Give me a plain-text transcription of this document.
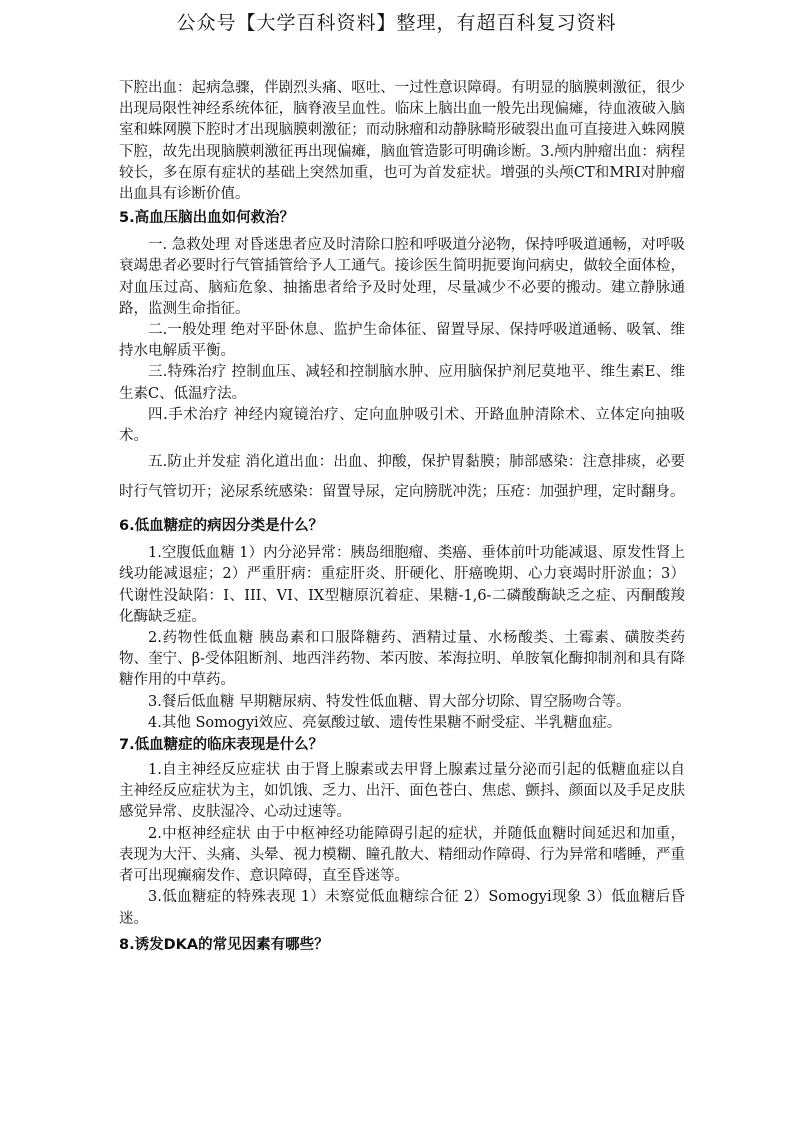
公众号【大学百科资料】整理，有超百科复习资料

下腔出血：起病急骤，伴剧烈头痛、呕吐、一过性意识障碍。有明显的脑膜刺激征，很少出现局限性神经系统体征，脑脊液呈血性。临床上脑出血一般先出现偏瘫，待血液破入脑室和蛛网膜下腔时才出现脑膜刺激征；而动脉瘤和动静脉畸形破裂出血可直接进入蛛网膜下腔，故先出现脑膜刺激征再出现偏瘫，脑血管造影可明确诊断。3.颅内肿瘤出血：病程较长，多在原有症状的基础上突然加重，也可为首发症状。增强的头颅CT和MRI对肿瘤出血具有诊断价值。

5.高血压脑出血如何救治？

一. 急救处理 对昏迷患者应及时清除口腔和呼吸道分泌物，保持呼吸道通畅，对呼吸衰竭患者必要时行气管插管给予人工通气。接诊医生简明扼要询问病史，做较全面体检，对血压过高、脑疝危象、抽搐患者给予及时处理，尽量减少不必要的搬动。建立静脉通路，监测生命指征。

二.一般处理 绝对平卧休息、监护生命体征、留置导尿、保持呼吸道通畅、吸氧、维持水电解质平衡。

三.特殊治疗 控制血压、减轻和控制脑水肿、应用脑保护剂尼莫地平、维生素E、维生素C、低温疗法。

四.手术治疗 神经内窥镜治疗、定向血肿吸引术、开路血肿清除术、立体定向抽吸术。

五.防止并发症 消化道出血：出血、抑酸，保护胃黏膜；肺部感染：注意排痰，必要时行气管切开；泌尿系统感染：留置导尿，定向膀胱冲洗；压疮：加强护理，定时翻身。

6.低血糖症的病因分类是什么？

1.空腹低血糖 1）内分泌异常：胰岛细胞瘤、类癌、垂体前叶功能减退、原发性肾上线功能减退症；2）严重肝病：重症肝炎、肝硬化、肝癌晚期、心力衰竭时肝淤血；3）代谢性没缺陷：I、III、VI、IX型糖原沉着症、果糖-1,6-二磷酸酶缺乏之症、丙酮酸羧化酶缺乏症。

2.药物性低血糖 胰岛素和口服降糖药、酒精过量、水杨酸类、土霉素、磺胺类药物、奎宁、β-受体阻断剂、地西泮药物、苯丙胺、苯海拉明、单胺氧化酶抑制剂和具有降糖作用的中草药。

3.餐后低血糖 早期糖尿病、特发性低血糖、胃大部分切除、胃空肠吻合等。

4.其他 Somogyi效应、亮氨酸过敏、遗传性果糖不耐受症、半乳糖血症。

7.低血糖症的临床表现是什么？

1.自主神经反应症状 由于肾上腺素或去甲肾上腺素过量分泌而引起的低糖血症以自主神经反应症状为主，如饥饿、乏力、出汗、面色苍白、焦虑、颤抖、颜面以及手足皮肤感觉异常、皮肤湿冷、心动过速等。

2.中枢神经症状 由于中枢神经功能障碍引起的症状，并随低血糖时间延迟和加重，表现为大汗、头痛、头晕、视力模糊、瞳孔散大、精细动作障碍、行为异常和嗜睡，严重者可出现癫痫发作、意识障碍，直至昏迷等。

3.低血糖症的特殊表现 1）未察觉低血糖综合征 2）Somogyi现象 3）低血糖后昏迷。

8.诱发DKA的常见因素有哪些？
